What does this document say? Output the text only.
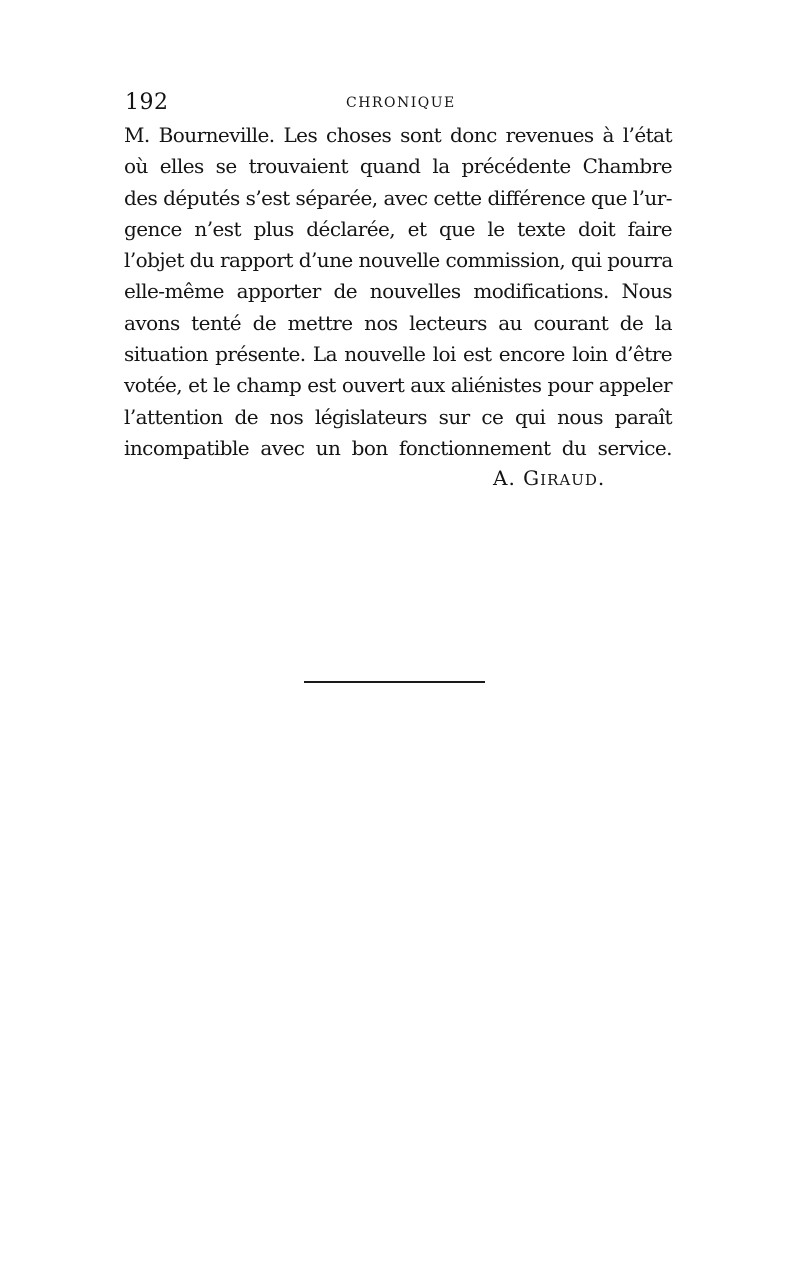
192	CHRONIQUE
M. Bourneville. Les choses sont donc revenues à l’état
où elles se trouvaient quand la précédente Chambre
des députés s’est séparée, avec cette différence que l’ur-
gence n’est plus déclarée, et que le texte doit faire
l’objet du rapport d’une nouvelle commission, qui pourra
elle-même apporter de nouvelles modifications. Nous
avons tenté de mettre nos lecteurs au courant de la
situation présente. La nouvelle loi est encore loin d’être
votée, et le champ est ouvert aux aliénistes pour appeler
l’attention de nos législateurs sur ce qui nous paraît
incompatible avec un bon fonctionnement du service.
A. GIRAUD.
